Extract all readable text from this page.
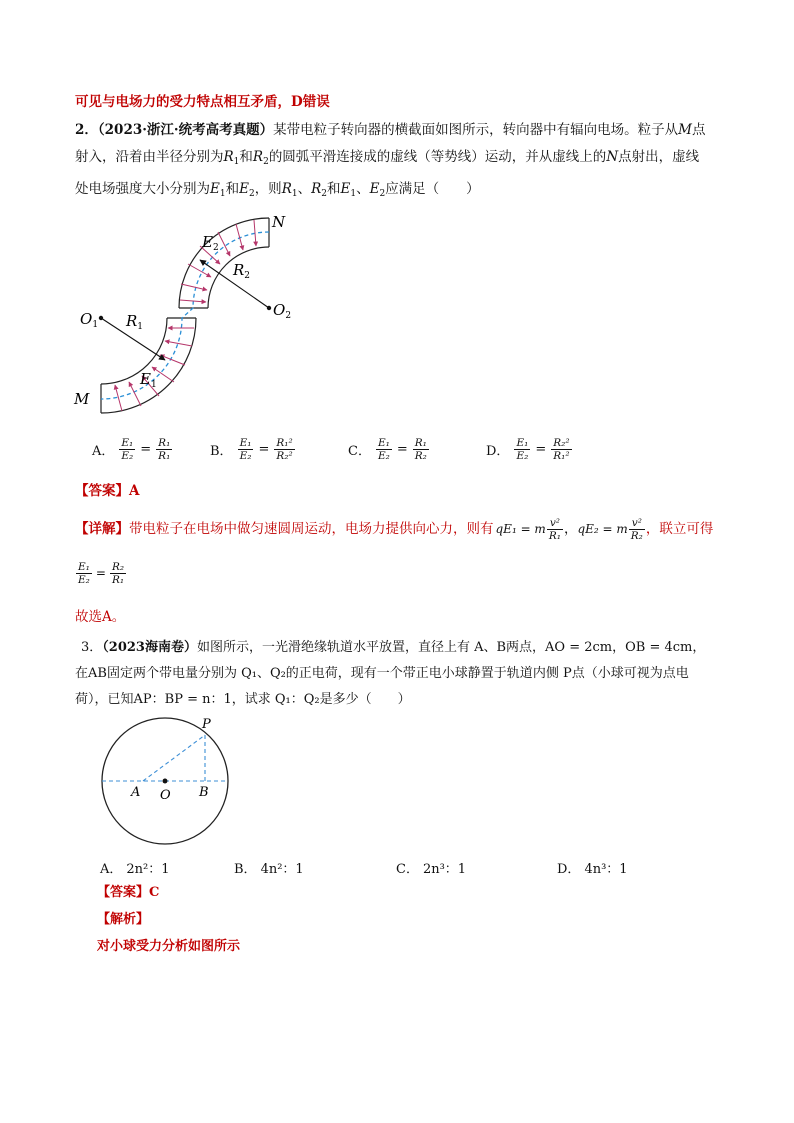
可见与电场力的受力特点相互矛盾，D错误
2．（2023·浙江·统考高考真题）某带电粒子转向器的横截面如图所示，转向器中有辐向电场。粒子从M点
射入，沿着由半径分别为$R_1$和$R_2$的圆弧平滑连接成的虚线（等势线）运动，并从虚线上的N点射出，虚线
处电场强度大小分别为$E_1$和$E_2$，则$R_1$、$R_2$和$E_1$、$E_2$应满足（　　）
N
M
$O_1$
$O_2$
$R_1$
$R_2$
$E_2$
$E_1$
A． $\frac{\text{E₁}}{\text{E₂}} = \frac{\text{R₁}}{\text{R₁}}$	B． $\frac{\text{E₁}}{\text{E₂}} = \frac{\text{R₁²}}{\text{R₂²}}$	C． $\frac{\text{E₁}}{\text{E₂}} = \frac{\text{R₁}}{\text{R₂}}$	D． $\frac{\text{E₁}}{\text{E₂}} = \frac{\text{R₂²}}{\text{R₁²}}$
【答案】A
【详解】 带电粒子在电场中做匀速圆周运动，电场力提供向心力，则有 qE₁ = m $\frac{\text{v²}}{\text{R₁}}$ ， qE₂ = m $\frac{\text{v²}}{\text{R₂}}$ ，联立可得
$\frac{\text{E₁}}{\text{E₂}} = \frac{\text{R₂}}{\text{R₁}}$
故选A。
3．（2023海南卷）如图所示，一光滑绝缘轨道水平放置，直径上有 A、B两点，AO = 2cm，OB = 4cm，
在AB固定两个带电量分别为 Q₁、Q₂的正电荷，现有一个带正电小球静置于轨道内侧 P点（小球可视为点电
荷），已知AP：BP = n：1，试求 Q₁：Q₂是多少（　　）
P
A O B
A． 2n²：1	B． 4n²：1	C． 2n³：1	D． 4n³：1
【答案】C
【解析】
对小球受力分析如图所示
